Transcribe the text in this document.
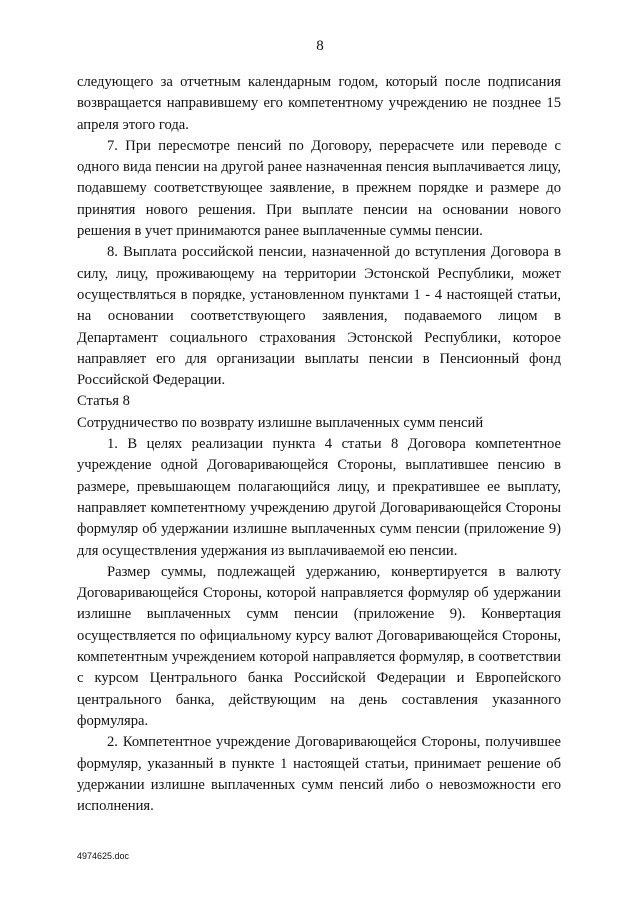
8

следующего за отчетным календарным годом, который после подписания возвращается направившему его компетентному учреждению не позднее 15 апреля этого года.

7. При пересмотре пенсий по Договору, перерасчете или переводе с одного вида пенсии на другой ранее назначенная пенсия выплачивается лицу, подавшему соответствующее заявление, в прежнем порядке и размере до принятия нового решения. При выплате пенсии на основании нового решения в учет принимаются ранее выплаченные суммы пенсии.

8. Выплата российской пенсии, назначенной до вступления Договора в силу, лицу, проживающему на территории Эстонской Республики, может осуществляться в порядке, установленном пунктами 1 - 4 настоящей статьи, на основании соответствующего заявления, подаваемого лицом в Департамент социального страхования Эстонской Республики, которое направляет его для организации выплаты пенсии в Пенсионный фонд Российской Федерации.

Статья 8

Сотрудничество по возврату излишне выплаченных сумм пенсий

1. В целях реализации пункта 4 статьи 8 Договора компетентное учреждение одной Договаривающейся Стороны, выплатившее пенсию в размере, превышающем полагающийся лицу, и прекратившее ее выплату, направляет компетентному учреждению другой Договаривающейся Стороны формуляр об удержании излишне выплаченных сумм пенсии (приложение 9) для осуществления удержания из выплачиваемой ею пенсии.

Размер суммы, подлежащей удержанию, конвертируется в валюту Договаривающейся Стороны, которой направляется формуляр об удержании излишне выплаченных сумм пенсии (приложение 9). Конвертация осуществляется по официальному курсу валют Договаривающейся Стороны, компетентным учреждением которой направляется формуляр, в соответствии с курсом Центрального банка Российской Федерации и Европейского центрального банка, действующим на день составления указанного формуляра.

2. Компетентное учреждение Договаривающейся Стороны, получившее формуляр, указанный в пункте 1 настоящей статьи, принимает решение об удержании излишне выплаченных сумм пенсий либо о невозможности его исполнения.

4974625.doc
